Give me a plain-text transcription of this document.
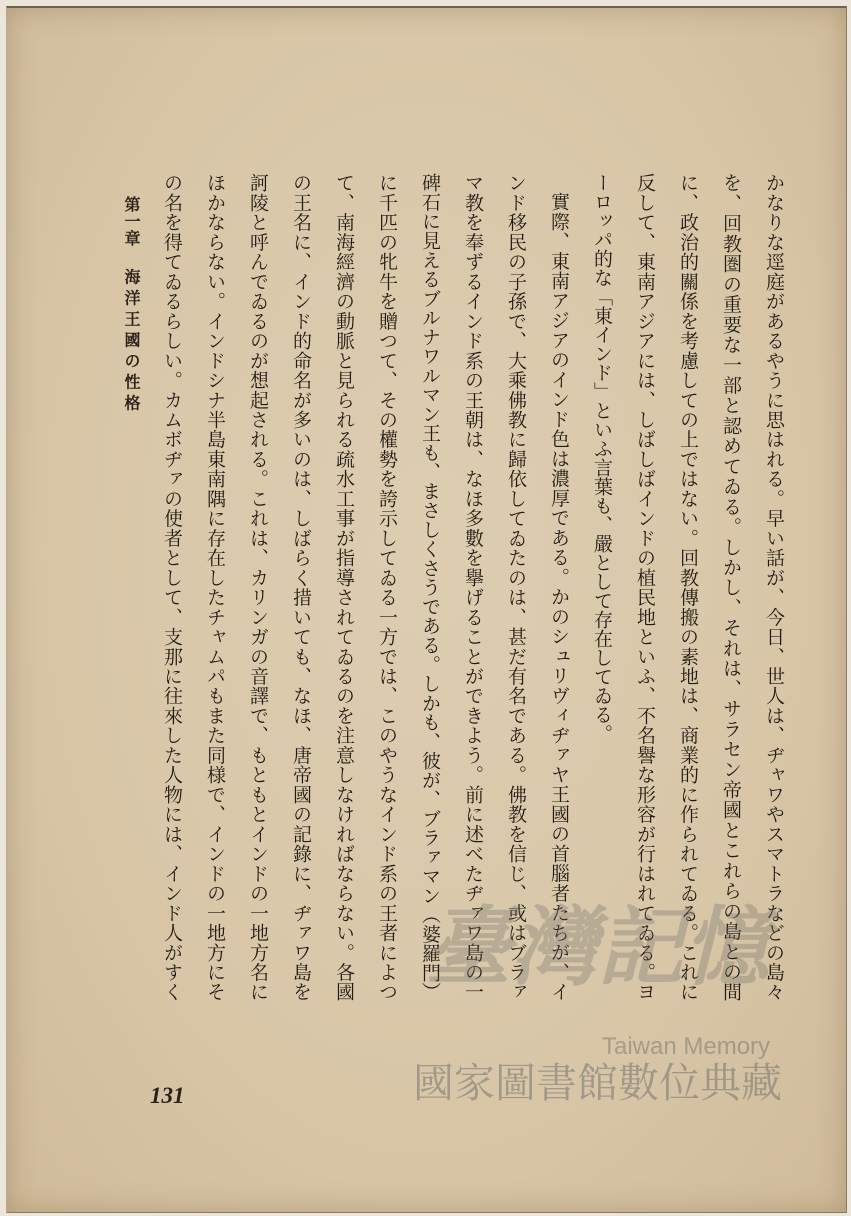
第一章 海洋王國の性格	かなりな逕庭があるやうに思はれる。早い話が、今日、世人は、ヂャワやスマトラなどの島々
を、回教圏の重要な一部と認めてゐる。しかし、それは、サラセン帝國とこれらの島との間
に、政治的關係を考慮しての上ではない。回教傳搬の素地は、商業的に作られてゐる。これに
反して、東南アジアには、しばしばインドの植民地といふ、不名譽な形容が行はれてゐる。ヨ
ーロッパ的な「東インド」といふ言葉も、嚴として存在してゐる。
實際、東南アジアのインド色は濃厚である。かのシュリヴィヂァヤ王國の首腦者たちが、イ
ンド移民の子孫で、大乘佛教に歸依してゐたのは、甚だ有名である。佛教を信じ、或はブラァ
マ教を奉ずるインド系の王朝は、なほ多數を擧げることができよう。前に述べたヂァワ島の一
碑石に見えるブルナワルマン王も、まさしくさうである。しかも、彼が、ブラァマン（婆羅門）
に千匹の牝牛を贈つて、その權勢を誇示してゐる一方では、このやうなインド系の王者によつ
て、南海經濟の動脈と見られる疏水工事が指導されてゐるのを注意しなければならない。各國
の王名に、インド的命名が多いのは、しばらく措いても、なほ、唐帝國の記錄に、ヂァワ島を
訶陵と呼んでゐるのが想起される。これは、カリンガの音譯で、もともとインドの一地方名に
ほかならない。インドシナ半島東南隅に存在したチャムパもまた同様で、インドの一地方にそ
の名を得てゐるらしい。カムボヂァの使者として、支那に往來した人物には、インド人がすく
131
臺灣記憶
Taiwan Memory
國家圖書館數位典藏
